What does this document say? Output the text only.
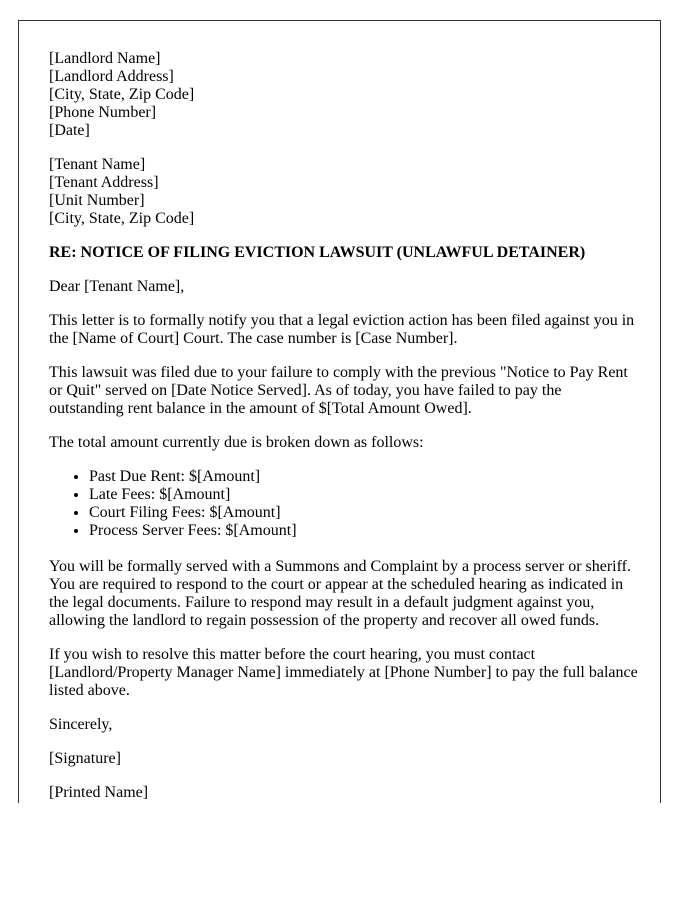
[Landlord Name]
[Landlord Address]
[City, State, Zip Code]
[Phone Number]
[Date]
[Tenant Name]
[Tenant Address]
[Unit Number]
[City, State, Zip Code]

RE: NOTICE OF FILING EVICTION LAWSUIT (UNLAWFUL DETAINER)

Dear [Tenant Name],

This letter is to formally notify you that a legal eviction action has been filed against you in the [Name of Court] Court. The case number is [Case Number].

This lawsuit was filed due to your failure to comply with the previous "Notice to Pay Rent or Quit" served on [Date Notice Served]. As of today, you have failed to pay the outstanding rent balance in the amount of $[Total Amount Owed].

The total amount currently due is broken down as follows:

• Past Due Rent: $[Amount]
• Late Fees: $[Amount]
• Court Filing Fees: $[Amount]
• Process Server Fees: $[Amount]

You will be formally served with a Summons and Complaint by a process server or sheriff. You are required to respond to the court or appear at the scheduled hearing as indicated in the legal documents. Failure to respond may result in a default judgment against you, allowing the landlord to regain possession of the property and recover all owed funds.

If you wish to resolve this matter before the court hearing, you must contact [Landlord/Property Manager Name] immediately at [Phone Number] to pay the full balance listed above.

Sincerely,

[Signature]

[Printed Name]
